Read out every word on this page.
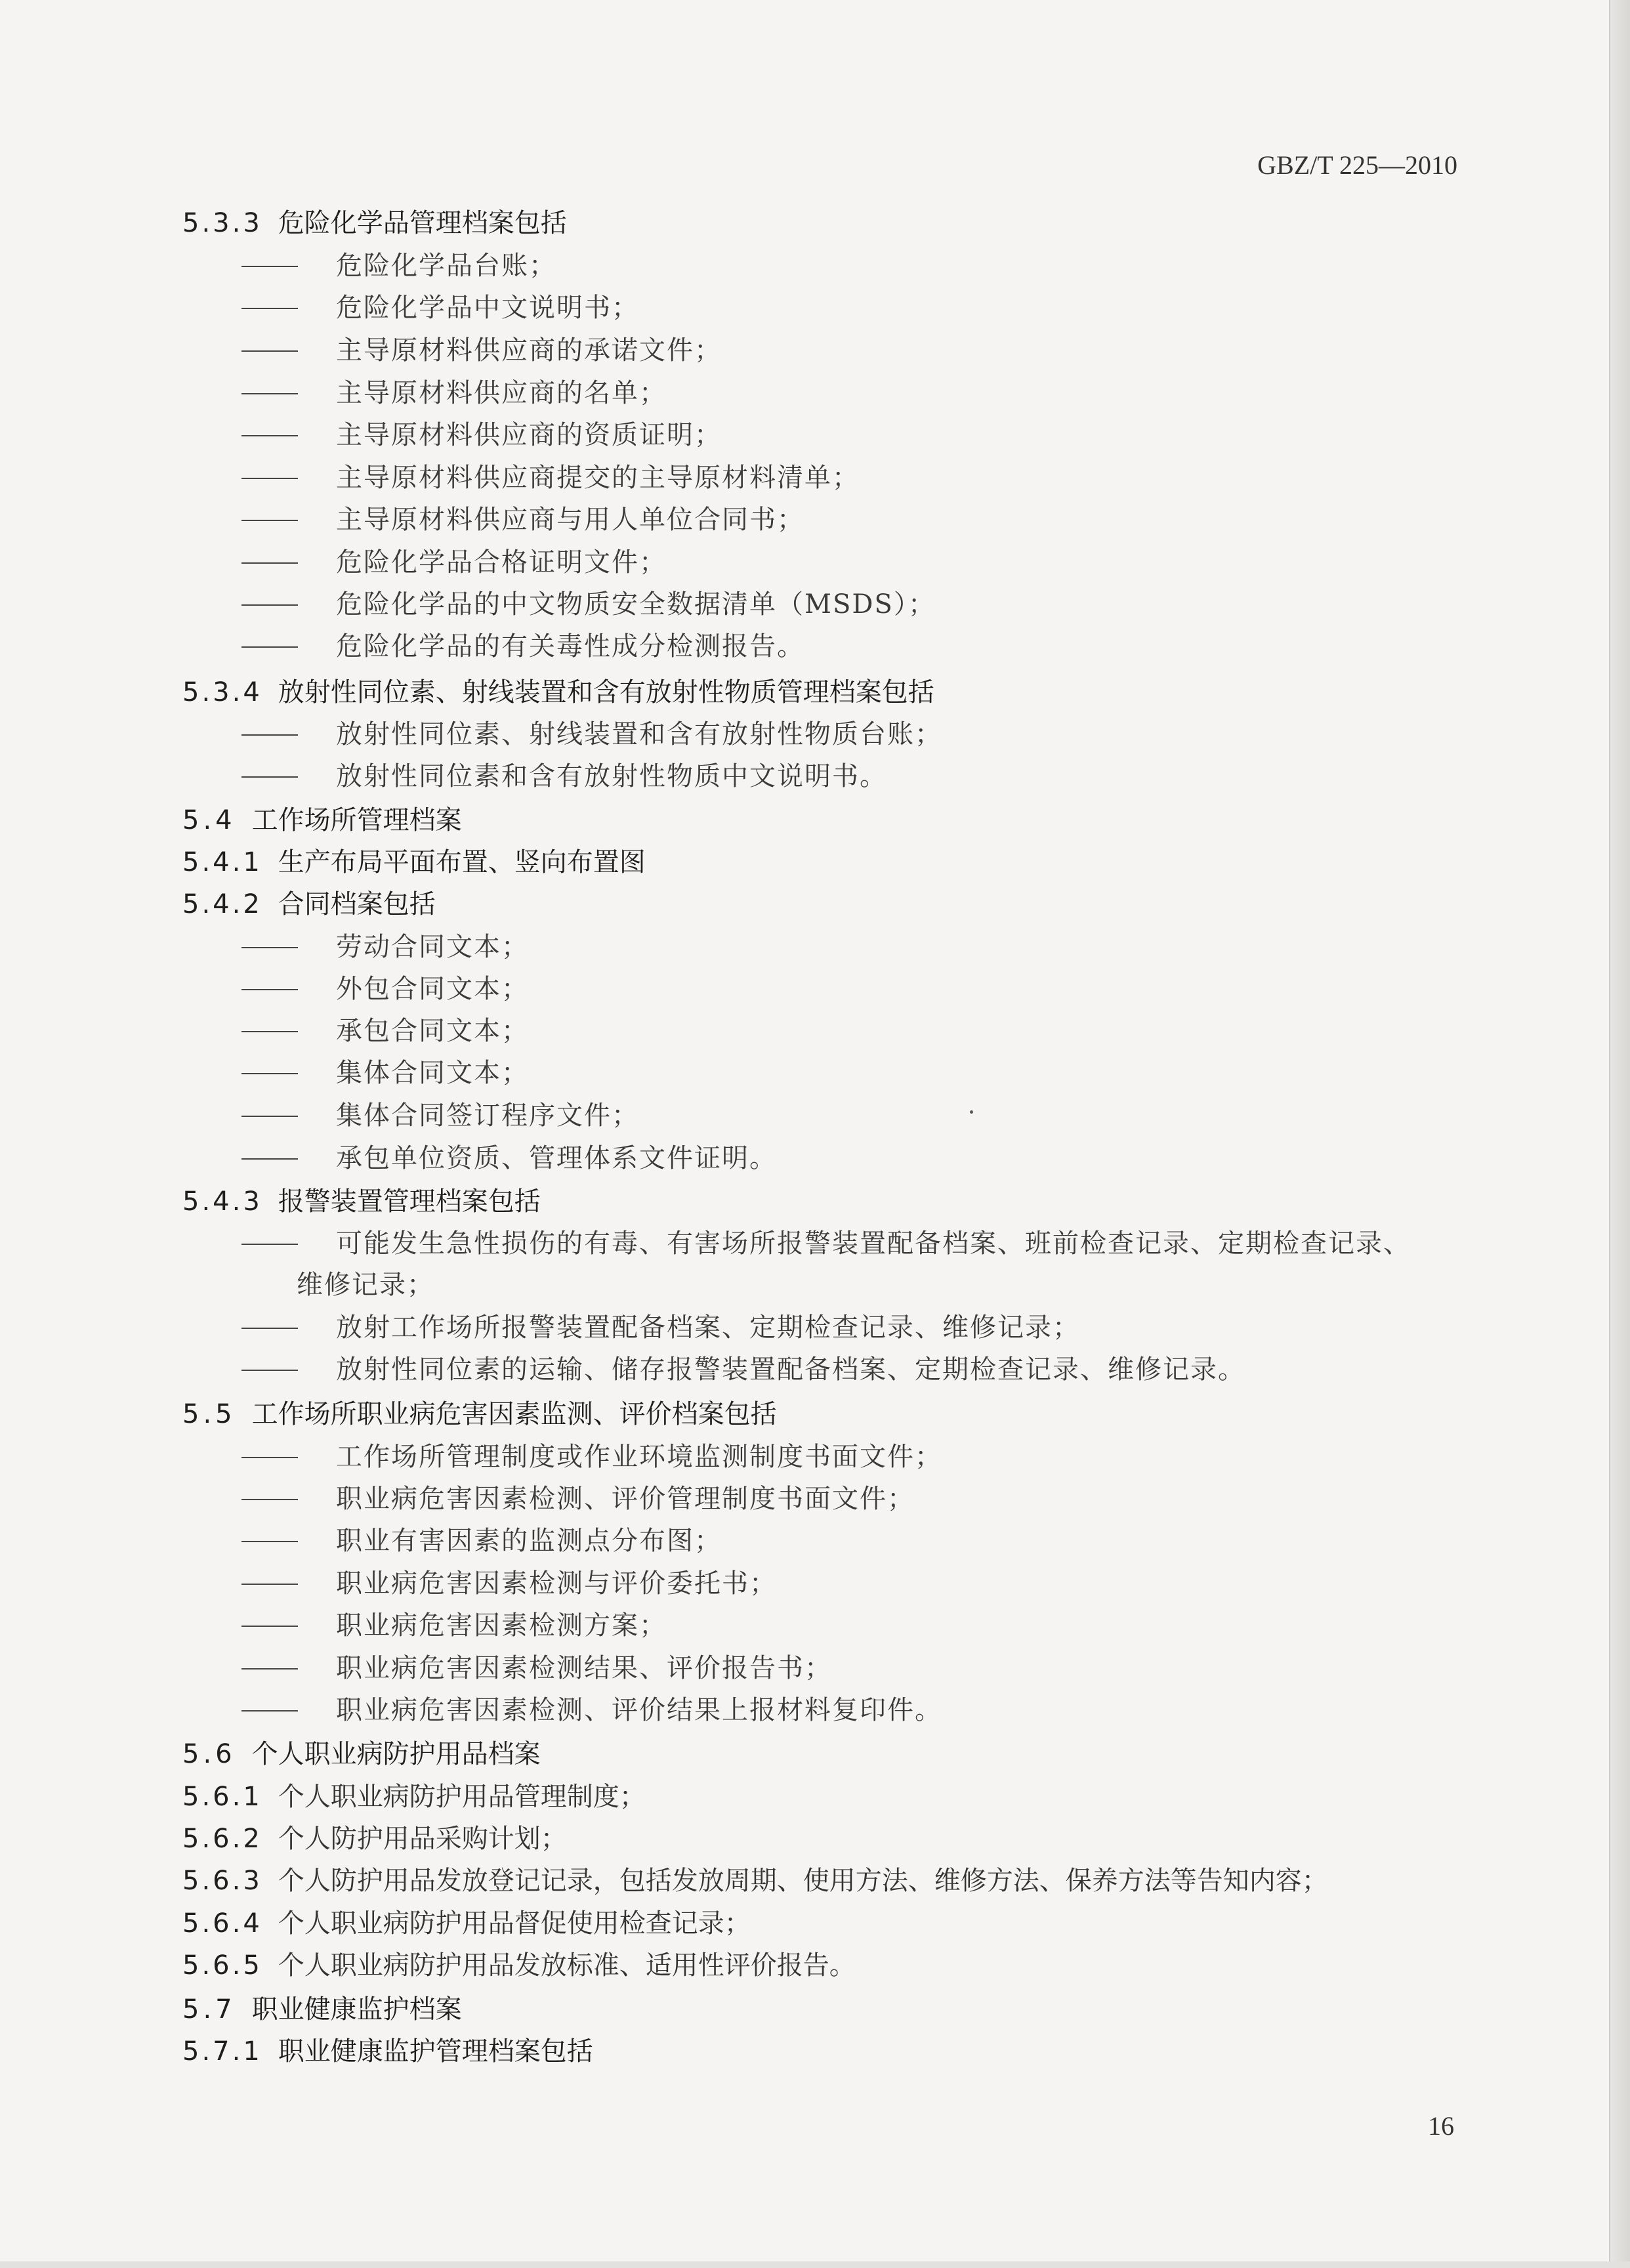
GBZ/T 225—2010
5.3.3 危险化学品管理档案包括
危险化学品台账；
危险化学品中文说明书；
主导原材料供应商的承诺文件；
主导原材料供应商的名单；
主导原材料供应商的资质证明；
主导原材料供应商提交的主导原材料清单；
主导原材料供应商与用人单位合同书；
危险化学品合格证明文件；
危险化学品的中文物质安全数据清单（MSDS）；
危险化学品的有关毒性成分检测报告。
5.3.4 放射性同位素、射线装置和含有放射性物质管理档案包括
放射性同位素、射线装置和含有放射性物质台账；
放射性同位素和含有放射性物质中文说明书。
5.4 工作场所管理档案
5.4.1 生产布局平面布置、竖向布置图
5.4.2 合同档案包括
劳动合同文本；
外包合同文本；
承包合同文本；
集体合同文本；
集体合同签订程序文件；
承包单位资质、管理体系文件证明。
5.4.3 报警装置管理档案包括
可能发生急性损伤的有毒、有害场所报警装置配备档案、班前检查记录、定期检查记录、
维修记录；
放射工作场所报警装置配备档案、定期检查记录、维修记录；
放射性同位素的运输、储存报警装置配备档案、定期检查记录、维修记录。
5.5 工作场所职业病危害因素监测、评价档案包括
工作场所管理制度或作业环境监测制度书面文件；
职业病危害因素检测、评价管理制度书面文件；
职业有害因素的监测点分布图；
职业病危害因素检测与评价委托书；
职业病危害因素检测方案；
职业病危害因素检测结果、评价报告书；
职业病危害因素检测、评价结果上报材料复印件。
5.6 个人职业病防护用品档案
5.6.1 个人职业病防护用品管理制度；
5.6.2 个人防护用品采购计划；
5.6.3 个人防护用品发放登记记录，包括发放周期、使用方法、维修方法、保养方法等告知内容；
5.6.4 个人职业病防护用品督促使用检查记录；
5.6.5 个人职业病防护用品发放标准、适用性评价报告。
5.7 职业健康监护档案
5.7.1 职业健康监护管理档案包括
16
